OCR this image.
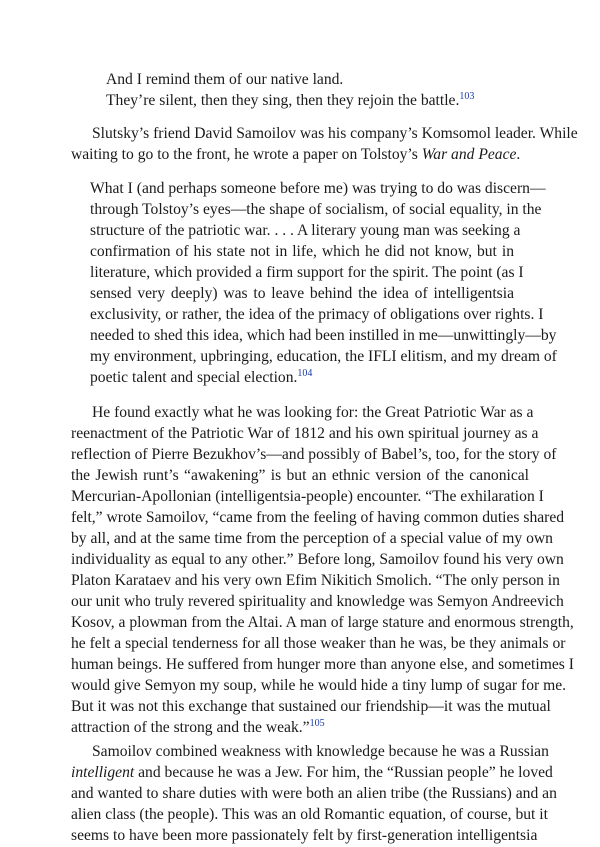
And I remind them of our native land.
They’re silent, then they sing, then they rejoin the battle.$^{103}$
Slutsky’s friend David Samoilov was his company’s Komsomol leader. While
waiting to go to the front, he wrote a paper on Tolstoy’s War and Peace.
What I (and perhaps someone before me) was trying to do was discern—
through Tolstoy’s eyes—the shape of socialism, of social equality, in the
structure of the patriotic war. . . . A literary young man was seeking a
confirmation of his state not in life, which he did not know, but in
literature, which provided a firm support for the spirit. The point (as I
sensed very deeply) was to leave behind the idea of intelligentsia
exclusivity, or rather, the idea of the primacy of obligations over rights. I
needed to shed this idea, which had been instilled in me—unwittingly—by
my environment, upbringing, education, the IFLI elitism, and my dream of
poetic talent and special election.$^{104}$
He found exactly what he was looking for: the Great Patriotic War as a
reenactment of the Patriotic War of 1812 and his own spiritual journey as a
reflection of Pierre Bezukhov’s—and possibly of Babel’s, too, for the story of
the Jewish runt’s “awakening” is but an ethnic version of the canonical
Mercurian-Apollonian (intelligentsia-people) encounter. “The exhilaration I
felt,” wrote Samoilov, “came from the feeling of having common duties shared
by all, and at the same time from the perception of a special value of my own
individuality as equal to any other.” Before long, Samoilov found his very own
Platon Karataev and his very own Efim Nikitich Smolich. “The only person in
our unit who truly revered spirituality and knowledge was Semyon Andreevich
Kosov, a plowman from the Altai. A man of large stature and enormous strength,
he felt a special tenderness for all those weaker than he was, be they animals or
human beings. He suffered from hunger more than anyone else, and sometimes I
would give Semyon my soup, while he would hide a tiny lump of sugar for me.
But it was not this exchange that sustained our friendship—it was the mutual
attraction of the strong and the weak.”$^{105}$
Samoilov combined weakness with knowledge because he was a Russian
intelligent and because he was a Jew. For him, the “Russian people” he loved
and wanted to share duties with were both an alien tribe (the Russians) and an
alien class (the people). This was an old Romantic equation, of course, but it
seems to have been more passionately felt by first-generation intelligentsia
